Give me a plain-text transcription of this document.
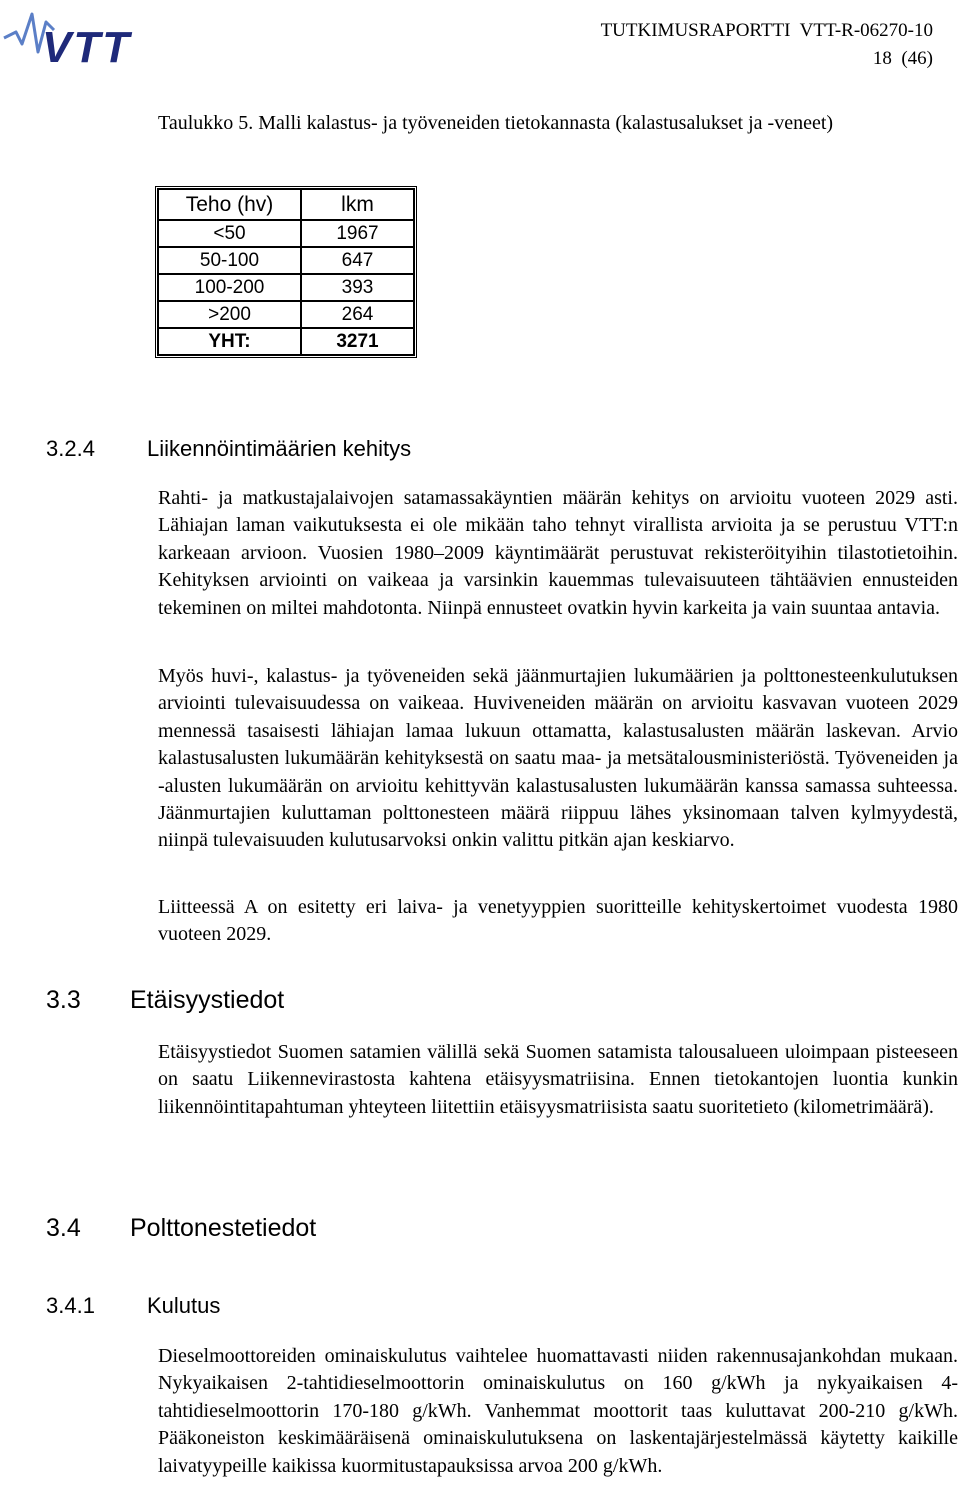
VTT	TUTKIMUSRAPORTTI  VTT-R-06270-10
18  (46)
Taulukko 5. Malli kalastus- ja työveneiden tietokannasta (kalastusalukset ja -veneet)
Teho (hv)	lkm
<50	1967
50-100	647
100-200	393
>200	264
YHT:	3271
3.2.4 Liikennöintimäärien kehitys

Rahti- ja matkustajalaivojen satamassakäyntien määrän kehitys on arvioitu vuoteen 2029 asti. Lähiajan laman vaikutuksesta ei ole mikään taho tehnyt virallista arvioita ja se perustuu VTT:n karkeaan arvioon. Vuosien 1980–2009 käyntimäärät perustuvat rekisteröityihin tilastotietoihin. Kehityksen arviointi on vaikeaa ja varsinkin kauemmas tulevaisuuteen tähtäävien ennusteiden tekeminen on miltei mahdotonta. Niinpä ennusteet ovatkin hyvin karkeita ja vain suuntaa antavia.

Myös huvi-, kalastus- ja työveneiden sekä jäänmurtajien lukumäärien ja polttonesteenkulutuksen arviointi tulevaisuudessa on vaikeaa. Huviveneiden määrän on arvioitu kasvavan vuoteen 2029 mennessä tasaisesti lähiajan lamaa lukuun ottamatta, kalastusalusten määrän laskevan. Arvio kalastusalusten lukumäärän kehityksestä on saatu maa- ja metsätalousministeriöstä. Työveneiden ja -alusten lukumäärän on arvioitu kehittyvän kalastusalusten lukumäärän kanssa samassa suhteessa. Jäänmurtajien kuluttaman polttonesteen määrä riippuu lähes yksinomaan talven kylmyydestä, niinpä tulevaisuuden kulutusarvoksi onkin valittu pitkän ajan keskiarvo.

Liitteessä A on esitetty eri laiva- ja venetyyppien suoritteille kehityskertoimet vuodesta 1980 vuoteen 2029.

3.3 Etäisyystiedot

Etäisyystiedot Suomen satamien välillä sekä Suomen satamista talousalueen uloimpaan pisteeseen on saatu Liikennevirastosta kahtena etäisyysmatriisina. Ennen tietokantojen luontia kunkin liikennöintitapahtuman yhteyteen liitettiin etäisyysmatriisista saatu suoritetieto (kilometrimäärä).

3.4 Polttonestetiedot
3.4.1 Kulutus

Dieselmoottoreiden ominaiskulutus vaihtelee huomattavasti niiden rakennusajankohdan mukaan. Nykyaikaisen 2-tahtidieselmoottorin ominaiskulutus on 160 g/kWh ja nykyaikaisen 4-tahtidieselmoottorin 170-180 g/kWh. Vanhemmat moottorit taas kuluttavat 200-210 g/kWh. Pääkoneiston keskimääräisenä ominaiskulutuksena on laskentajärjestelmässä käytetty kaikille laivatyypeille kaikissa kuormitustapauksissa arvoa 200 g/kWh.
